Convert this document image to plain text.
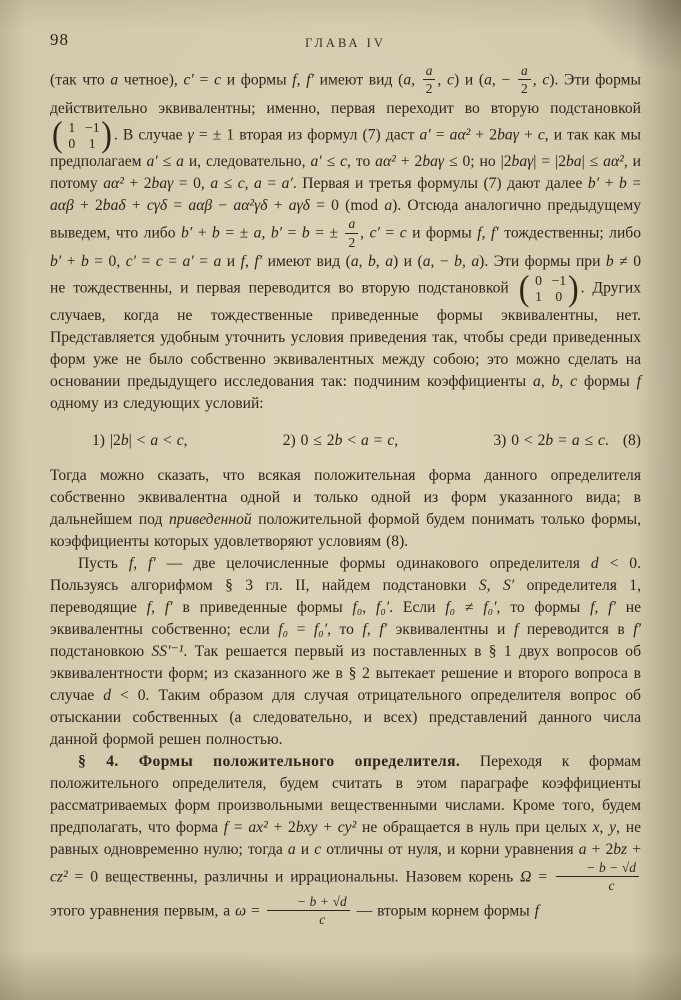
98	ГЛАВА IV

(так что a четное), c′ = c и формы f, f′ имеют вид (a, $\frac{a}{2}$ , c) и (a, − $\frac{a}{2}$ , c). Эти формы действительно эквивалентны; именно, первая переходит во вторую подстановкой
( 1 −1
0 1 ) . В случае γ = ± 1 вторая из формул (7) даст a′ = aα² + 2baγ + c, и так как мы предполагаем a′ ≤ a и, следовательно, a′ ≤ c, то aα² + 2baγ ≤ 0; но |2baγ| = |2ba| ≤ aα², и потому aα² + 2baγ = 0, a ≤ c, a = a′. Первая и третья формулы (7) дают далее b′ + b = aαβ + 2baδ + cγδ = aαβ − aα²γδ + aγδ = 0 (mod a). Отсюда аналогично предыдущему выведем, что либо b′ + b = ± a, b′ = b = ± $\frac{a}{2}$ , c′ = c и формы f, f′ тождественны; либо b′ + b = 0, c′ = c = a′ = a и f, f′ имеют вид (a, b, a) и (a, − b, a). Эти формы при b ≠ 0 не тождественны, и первая переводится во вторую подстановкой ( 0 −1
1 0 ) . Других случаев, когда не тождественные приведенные формы эквивалентны, нет. Представляется удобным уточнить условия приведения так, чтобы среди приведенных форм уже не было собственно эквивалентных между собою; это можно сделать на основании предыдущего исследования так: подчиним коэффициенты a, b, c формы f одному из следующих условий:

1) |2b| < a < c,	2) 0 ≤ 2b < a = c,	3) 0 < 2b = a ≤ c. (8)

Тогда можно сказать, что всякая положительная форма данного определителя собственно эквивалентна одной и только одной из форм указанного вида; в дальнейшем под приведенной положительной формой будем понимать только формы, коэффициенты которых удовлетворяют условиям (8).

Пусть f, f′ — две целочисленные формы одинакового определителя d < 0. Пользуясь алгорифмом § 3 гл. II, найдем подстановки S, S′ определителя 1, переводящие f, f′ в приведенные формы f₀, f₀′. Если f₀ ≠ f₀′, то формы f, f′ не эквивалентны собственно; если f₀ = f₀′, то f, f′ эквивалентны и f переводится в f′ подстановкою SS′⁻¹. Так решается первый из поставленных в § 1 двух вопросов об эквивалентности форм; из сказанного же в § 2 вытекает решение и второго вопроса в случае d < 0. Таким образом для случая отрицательного определителя вопрос об отыскании собственных (а следовательно, и всех) представлений данного числа данной формой решен полностью.

§ 4. Формы положительного определителя. Переходя к формам положительного определителя, будем считать в этом параграфе коэффициенты рассматриваемых форм произвольными вещественными числами. Кроме того, будем предполагать, что форма f = ax² + 2bxy + cy² не обращается в нуль при целых x, y, не равных одновременно нулю; тогда a и c отличны от нуля, и корни уравнения a + 2bz + cz² = 0 вещественны, различны и иррациональны. Назовем корень $\Omega = \frac{- b - √d}{c}$
этого уравнения первым, а $\omega = \frac{- b + √d}{c}$ — вторым корнем формы f
